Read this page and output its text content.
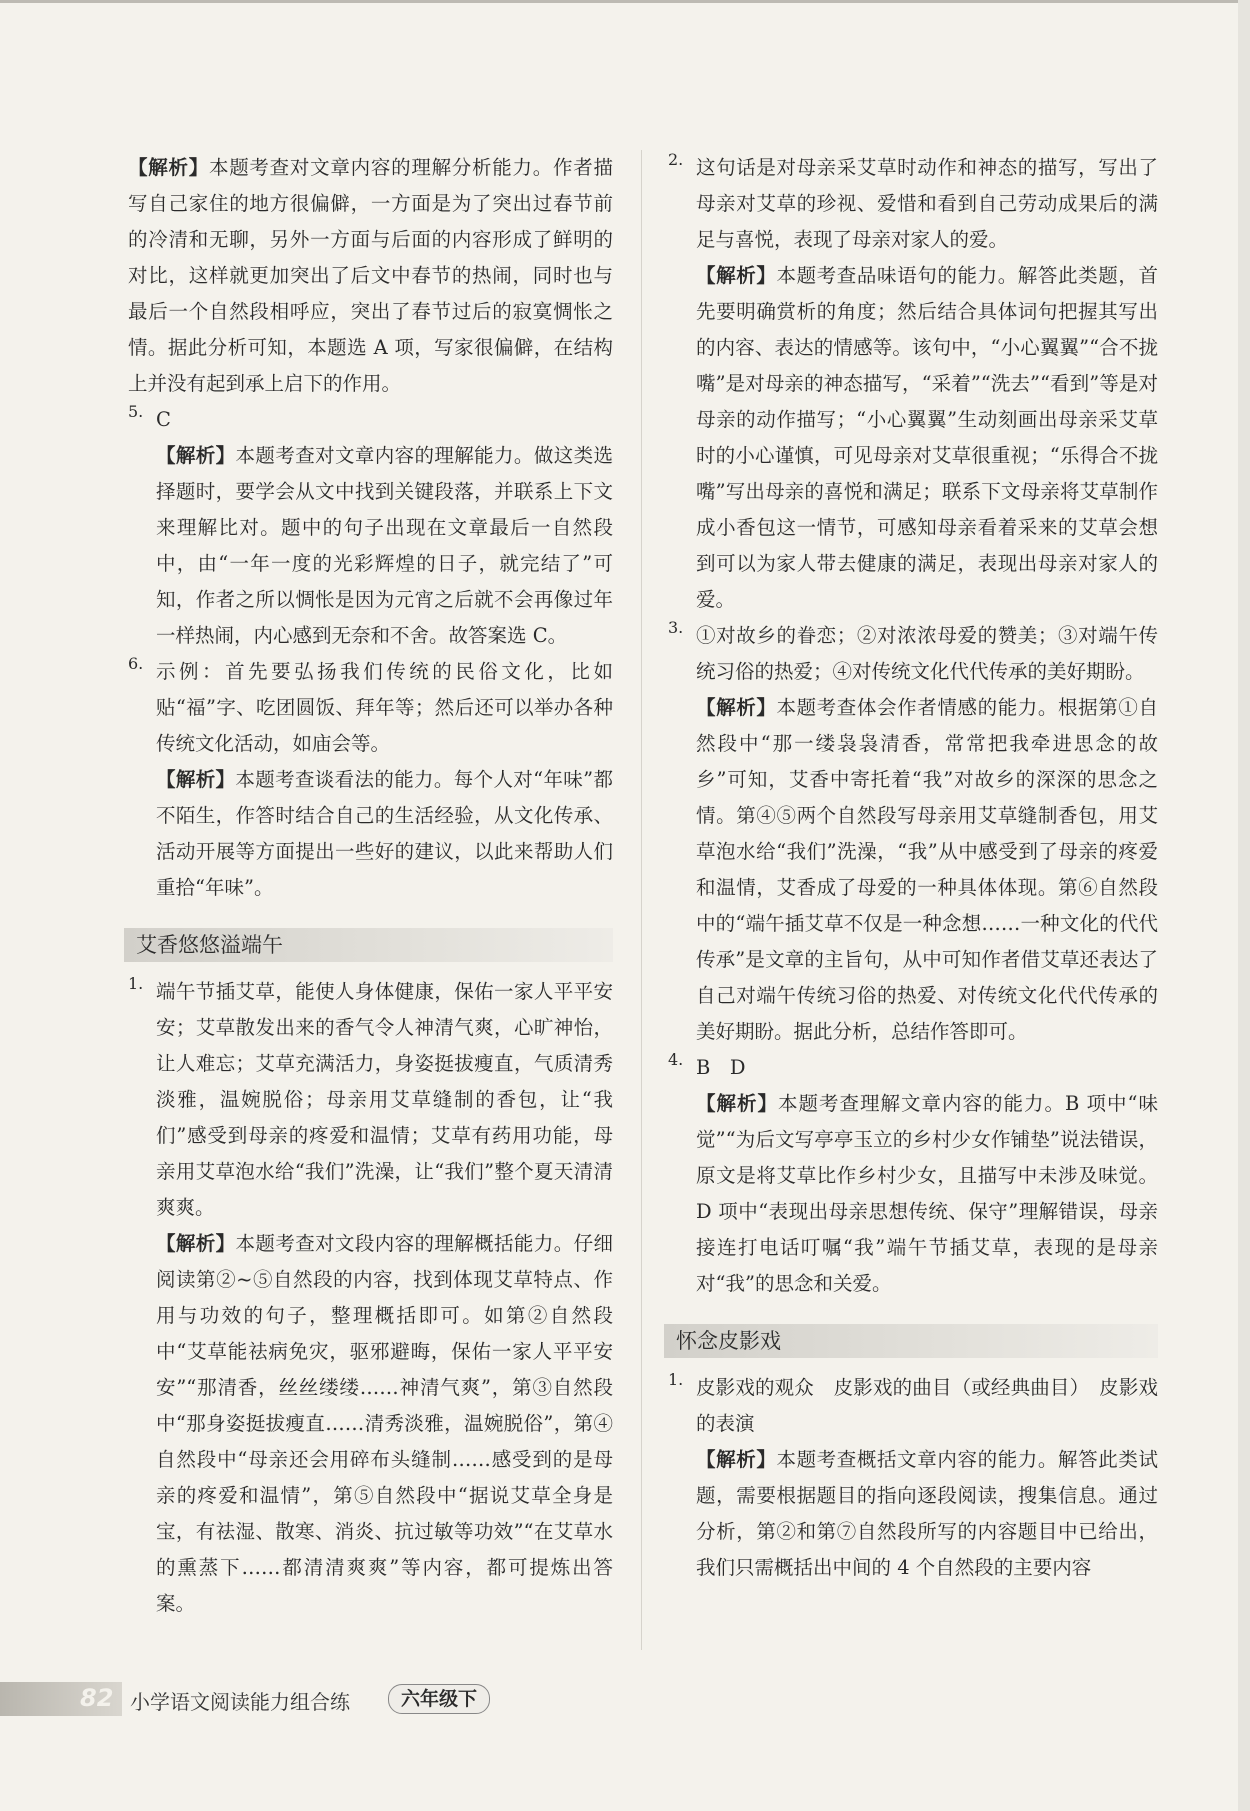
【解析】本题考查对文章内容的理解分析能力。作者描写自己家住的地方很偏僻，一方面是为了突出过春节前的冷清和无聊，另外一方面与后面的内容形成了鲜明的对比，这样就更加突出了后文中春节的热闹，同时也与最后一个自然段相呼应，突出了春节过后的寂寞惆怅之情。据此分析可知，本题选 A 项，写家很偏僻，在结构上并没有起到承上启下的作用。

5. C

【解析】本题考查对文章内容的理解能力。做这类选择题时，要学会从文中找到关键段落，并联系上下文来理解比对。题中的句子出现在文章最后一自然段中，由“一年一度的光彩辉煌的日子，就完结了”可知，作者之所以惆怅是因为元宵之后就不会再像过年一样热闹，内心感到无奈和不舍。故答案选 C。

6. 示例：首先要弘扬我们传统的民俗文化，比如贴“福”字、吃团圆饭、拜年等；然后还可以举办各种传统文化活动，如庙会等。

【解析】本题考查谈看法的能力。每个人对“年味”都不陌生，作答时结合自己的生活经验，从文化传承、活动开展等方面提出一些好的建议，以此来帮助人们重拾“年味”。

艾香悠悠溢端午
1. 端午节插艾草，能使人身体健康，保佑一家人平平安安；艾草散发出来的香气令人神清气爽，心旷神怡，让人难忘；艾草充满活力，身姿挺拔瘦直，气质清秀淡雅，温婉脱俗；母亲用艾草缝制的香包，让“我们”感受到母亲的疼爱和温情；艾草有药用功能，母亲用艾草泡水给“我们”洗澡，让“我们”整个夏天清清爽爽。

【解析】本题考查对文段内容的理解概括能力。仔细阅读第②~⑤自然段的内容，找到体现艾草特点、作用与功效的句子，整理概括即可。如第②自然段中“艾草能祛病免灾，驱邪避晦，保佑一家人平平安安”“那清香，丝丝缕缕……神清气爽”，第③自然段中“那身姿挺拔瘦直……清秀淡雅，温婉脱俗”，第④自然段中“母亲还会用碎布头缝制……感受到的是母亲的疼爱和温情”，第⑤自然段中“据说艾草全身是宝，有祛湿、散寒、消炎、抗过敏等功效”“在艾草水的熏蒸下……都清清爽爽”等内容，都可提炼出答案。

2. 这句话是对母亲采艾草时动作和神态的描写，写出了母亲对艾草的珍视、爱惜和看到自己劳动成果后的满足与喜悦，表现了母亲对家人的爱。

【解析】本题考查品味语句的能力。解答此类题，首先要明确赏析的角度；然后结合具体词句把握其写出的内容、表达的情感等。该句中，“小心翼翼”“合不拢嘴”是对母亲的神态描写，“采着”“洗去”“看到”等是对母亲的动作描写；“小心翼翼”生动刻画出母亲采艾草时的小心谨慎，可见母亲对艾草很重视；“乐得合不拢嘴”写出母亲的喜悦和满足；联系下文母亲将艾草制作成小香包这一情节，可感知母亲看着采来的艾草会想到可以为家人带去健康的满足，表现出母亲对家人的爱。

3. ①对故乡的眷恋；②对浓浓母爱的赞美；③对端午传统习俗的热爱；④对传统文化代代传承的美好期盼。

【解析】本题考查体会作者情感的能力。根据第①自然段中“那一缕袅袅清香，常常把我牵进思念的故乡”可知，艾香中寄托着“我”对故乡的深深的思念之情。第④⑤两个自然段写母亲用艾草缝制香包，用艾草泡水给“我们”洗澡，“我”从中感受到了母亲的疼爱和温情，艾香成了母爱的一种具体体现。第⑥自然段中的“端午插艾草不仅是一种念想……一种文化的代代传承”是文章的主旨句，从中可知作者借艾草还表达了自己对端午传统习俗的热爱、对传统文化代代传承的美好期盼。据此分析，总结作答即可。

4. B　D

【解析】本题考查理解文章内容的能力。B 项中“味觉”“为后文写亭亭玉立的乡村少女作铺垫”说法错误，原文是将艾草比作乡村少女，且描写中未涉及味觉。D 项中“表现出母亲思想传统、保守”理解错误，母亲接连打电话叮嘱“我”端午节插艾草，表现的是母亲对“我”的思念和关爱。

怀念皮影戏
1. 皮影戏的观众　皮影戏的曲目（或经典曲目）　皮影戏的表演

【解析】本题考查概括文章内容的能力。解答此类试题，需要根据题目的指向逐段阅读，搜集信息。通过分析，第②和第⑦自然段所写的内容题目中已给出，我们只需概括出中间的 4 个自然段的主要内容

82 小学语文阅读能力组合练	六年级下
